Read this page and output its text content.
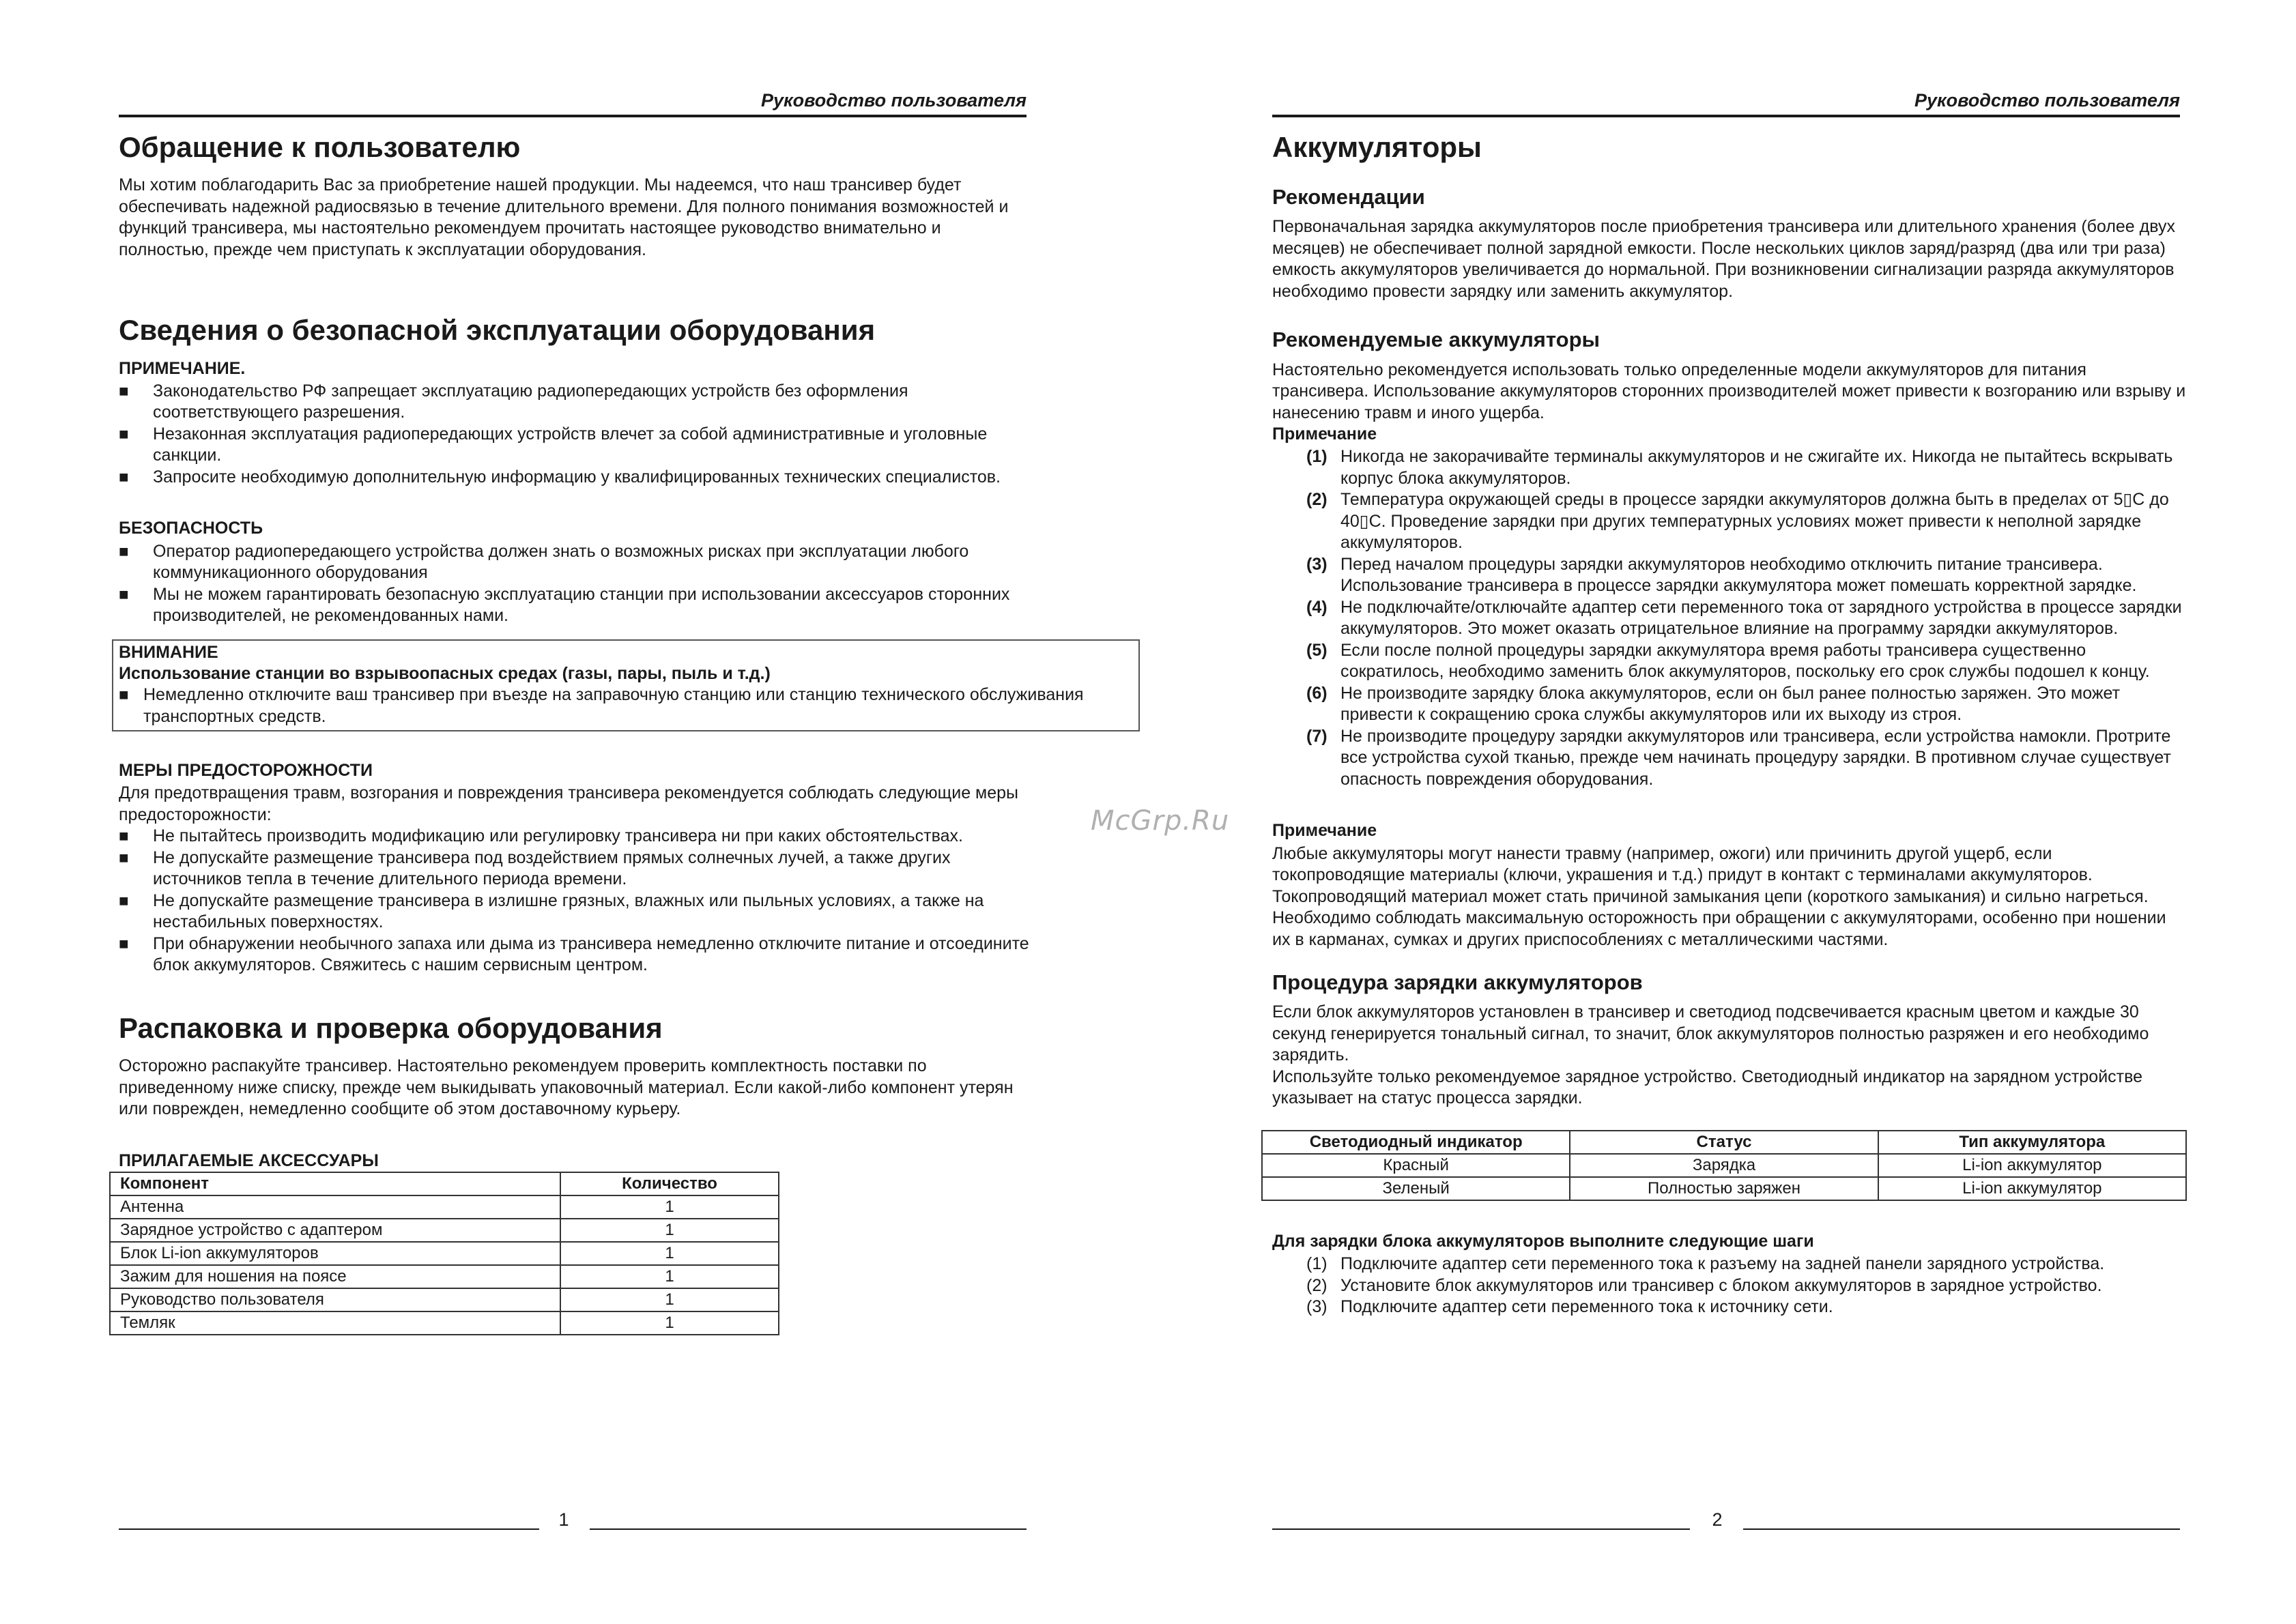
Руководство пользователя
Обращение к пользователю

Мы хотим поблагодарить Вас за приобретение нашей продукции. Мы надеемся, что наш трансивер будет обеспечивать надежной радиосвязью в течение длительного времени. Для полного понимания возможностей и функций трансивера, мы настоятельно рекомендуем прочитать настоящее руководство внимательно и полностью, прежде чем приступать к эксплуатации оборудования.

Сведения о безопасной эксплуатации оборудования
ПРИМЕЧАНИЕ.
■ Законодательство РФ запрещает эксплуатацию радиопередающих устройств без оформления соответствующего разрешения.
■ Незаконная эксплуатация радиопередающих устройств влечет за собой административные и уголовные санкции.
■ Запросите необходимую дополнительную информацию у квалифицированных технических специалистов.
БЕЗОПАСНОСТЬ
■ Оператор радиопередающего устройства должен знать о возможных рисках при эксплуатации любого коммуникационного оборудования
■ Мы не можем гарантировать безопасную эксплуатацию станции при использовании аксессуаров сторонних производителей, не рекомендованных нами.
ВНИМАНИЕ
Использование станции во взрывоопасных средах (газы, пары, пыль и т.д.)
■ Немедленно отключите ваш трансивер при въезде на заправочную станцию или станцию технического обслуживания транспортных средств.
МЕРЫ ПРЕДОСТОРОЖНОСТИ

Для предотвращения травм, возгорания и повреждения трансивера рекомендуется соблюдать следующие меры предосторожности:

■ Не пытайтесь производить модификацию или регулировку трансивера ни при каких обстоятельствах.
■ Не допускайте размещение трансивера под воздействием прямых солнечных лучей, а также других источников тепла в течение длительного периода времени.
■ Не допускайте размещение трансивера в излишне грязных, влажных или пыльных условиях, а также на нестабильных поверхностях.
■ При обнаружении необычного запаха или дыма из трансивера немедленно отключите питание и отсоедините блок аккумуляторов. Свяжитесь с нашим сервисным центром.
Распаковка и проверка оборудования

Осторожно распакуйте трансивер. Настоятельно рекомендуем проверить комплектность поставки по приведенному ниже списку, прежде чем выкидывать упаковочный материал. Если какой-либо компонент утерян или поврежден, немедленно сообщите об этом доставочному курьеру.

ПРИЛАГАЕМЫЕ АКСЕССУАРЫ
Компонент	Количество
Антенна	1
Зарядное устройство с адаптером	1
Блок Li-ion аккумуляторов	1
Зажим для ношения на поясе	1
Руководство пользователя	1
Темляк	1
1
McGrp.Ru
Руководство пользователя
Аккумуляторы
Рекомендации

Первоначальная зарядка аккумуляторов после приобретения трансивера или длительного хранения (более двух месяцев) не обеспечивает полной зарядной емкости. После нескольких циклов заряд/разряд (два или три раза) емкость аккумуляторов увеличивается до нормальной. При возникновении сигнализации разряда аккумуляторов необходимо провести зарядку или заменить аккумулятор.

Рекомендуемые аккумуляторы

Настоятельно рекомендуется использовать только определенные модели аккумуляторов для питания трансивера. Использование аккумуляторов сторонних производителей может привести к возгоранию или взрыву и нанесению травм и иного ущерба.

Примечание
(1) Никогда не закорачивайте терминалы аккумуляторов и не сжигайте их. Никогда не пытайтесь вскрывать корпус блока аккумуляторов.
(2) Температура окружающей среды в процессе зарядки аккумуляторов должна быть в пределах от 5▯C до 40▯C. Проведение зарядки при других температурных условиях может привести к неполной зарядке аккумуляторов.
(3) Перед началом процедуры зарядки аккумуляторов необходимо отключить питание трансивера. Использование трансивера в процессе зарядки аккумулятора может помешать корректной зарядке.
(4) Не подключайте/отключайте адаптер сети переменного тока от зарядного устройства в процессе зарядки аккумуляторов. Это может оказать отрицательное влияние на программу зарядки аккумуляторов.
(5) Если после полной процедуры зарядки аккумулятора время работы трансивера существенно сократилось, необходимо заменить блок аккумуляторов, поскольку его срок службы подошел к концу.
(6) Не производите зарядку блока аккумуляторов, если он был ранее полностью заряжен. Это может привести к сокращению срока службы аккумуляторов или их выходу из строя.
(7) Не производите процедуру зарядки аккумуляторов или трансивера, если устройства намокли. Протрите все устройства сухой тканью, прежде чем начинать процедуру зарядки. В противном случае существует опасность повреждения оборудования.
Примечание

Любые аккумуляторы могут нанести травму (например, ожоги) или причинить другой ущерб, если токопроводящие материалы (ключи, украшения и т.д.) придут в контакт с терминалами аккумуляторов. Токопроводящий материал может стать причиной замыкания цепи (короткого замыкания) и сильно нагреться. Необходимо соблюдать максимальную осторожность при обращении с аккумуляторами, особенно при ношении их в карманах, сумках и других приспособлениях с металлическими частями.

Процедура зарядки аккумуляторов

Если блок аккумуляторов установлен в трансивер и светодиод подсвечивается красным цветом и каждые 30 секунд генерируется тональный сигнал, то значит, блок аккумуляторов полностью разряжен и его необходимо зарядить.

Используйте только рекомендуемое зарядное устройство. Светодиодный индикатор на зарядном устройстве указывает на статус процесса зарядки.

Светодиодный индикатор	Статус	Тип аккумулятора
Красный	Зарядка	Li-ion аккумулятор
Зеленый	Полностью заряжен	Li-ion аккумулятор
Для зарядки блока аккумуляторов выполните следующие шаги
(1) Подключите адаптер сети переменного тока к разъему на задней панели зарядного устройства.
(2) Установите блок аккумуляторов или трансивер с блоком аккумуляторов в зарядное устройство.
(3) Подключите адаптер сети переменного тока к источнику сети.
2
